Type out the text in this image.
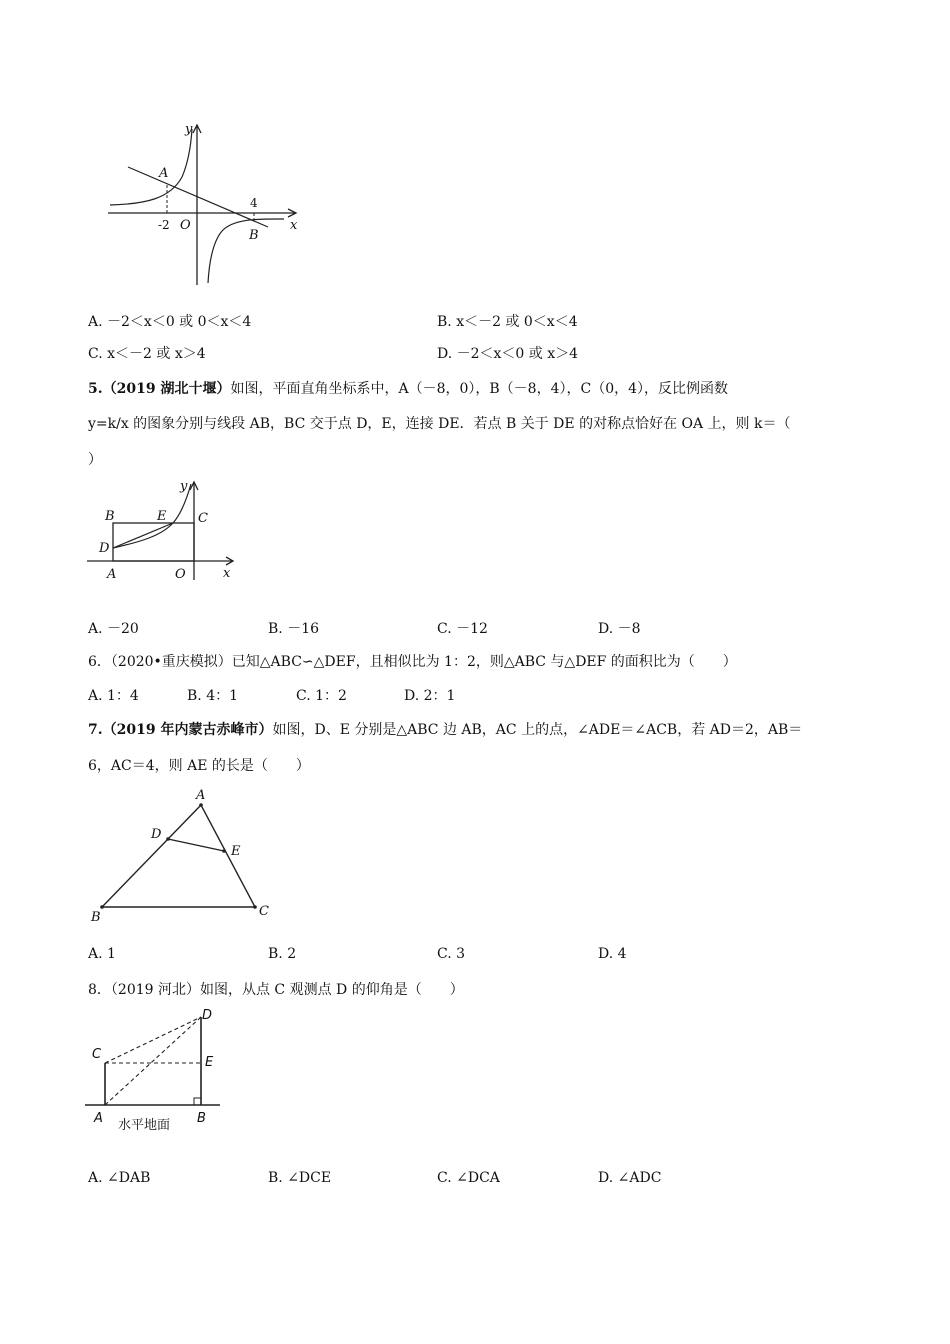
y
x
A
B
O
-2
4
A. －2＜x＜0 或 0＜x＜4	B. x＜－2 或 0＜x＜4
C. x＜－2 或 x＞4	D. －2＜x＜0 或 x＞4
5.（2019 湖北十堰）如图，平面直角坐标系中，A（－8，0），B（－8，4），C（0，4），反比例函数
y=k/x 的图象分别与线段 AB，BC 交于点 D，E，连接 DE．若点 B 关于 DE 的对称点恰好在 OA 上，则 k＝（
）
y
x
B	E C
D
A	O
A. －20	B. －16	C. －12	D. －8
6．（2020•重庆模拟）已知△ABC∽△DEF，且相似比为 1：2，则△ABC 与△DEF 的面积比为（　　）
A. 1：4	B. 4：1	C. 1：2	D. 2：1
7.（2019 年内蒙古赤峰市）如图，D、E 分别是△ABC 边 AB，AC 上的点，∠ADE＝∠ACB，若 AD＝2，AB＝
6，AC＝4，则 AE 的长是（　　）
A
D
E
B	C
A. 1	B. 2	C. 3	D. 4
8．（2019 河北）如图，从点 C 观测点 D 的仰角是（　　）
D
C
E
A	B
水平地面
A. ∠DAB	B. ∠DCE	C. ∠DCA	D. ∠ADC
